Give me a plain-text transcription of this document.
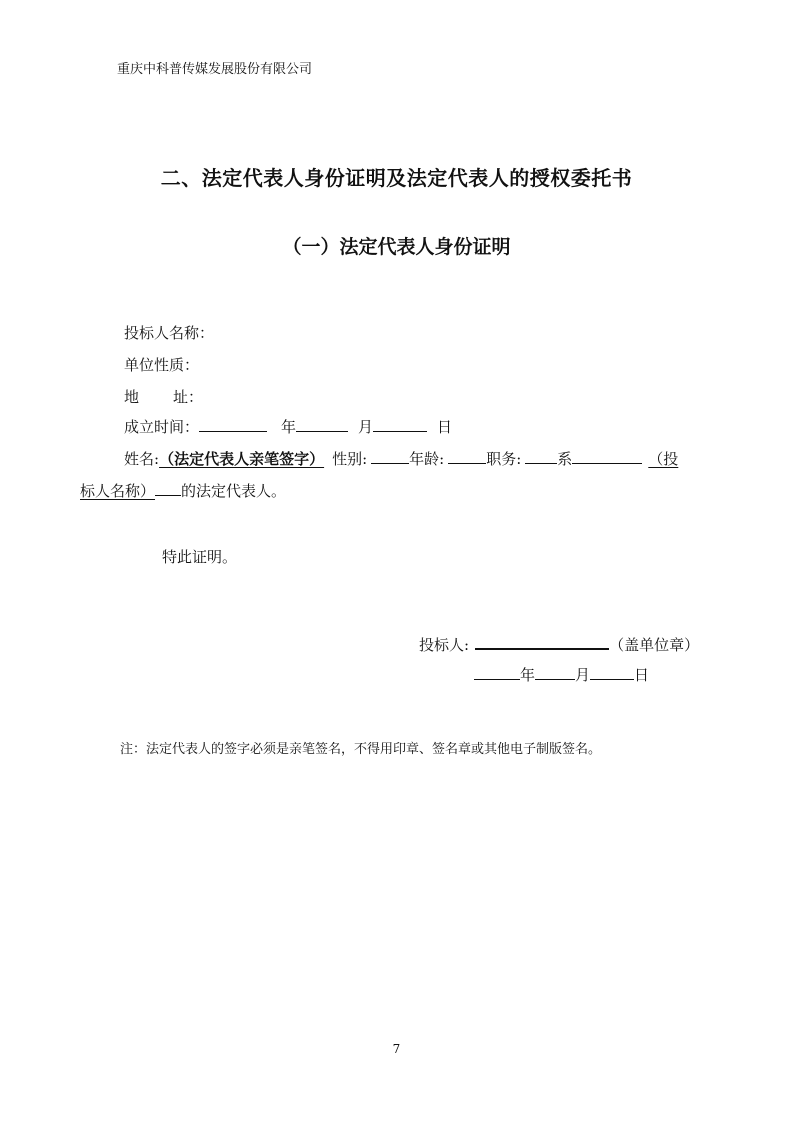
重庆中科普传媒发展股份有限公司
二、法定代表人身份证明及法定代表人的授权委托书
（一）法定代表人身份证明
投标人名称：
单位性质：
地 址：
成立时间：	年	月	日
姓名:（法定代表人亲笔签字） 性别:	年龄:	职务: 系	（投
标人名称） 的法定代表人。
特此证明。
投标人:	（盖单位章）
年	月	日
注：法定代表人的签字必须是亲笔签名，不得用印章、签名章或其他电子制版签名。
7
